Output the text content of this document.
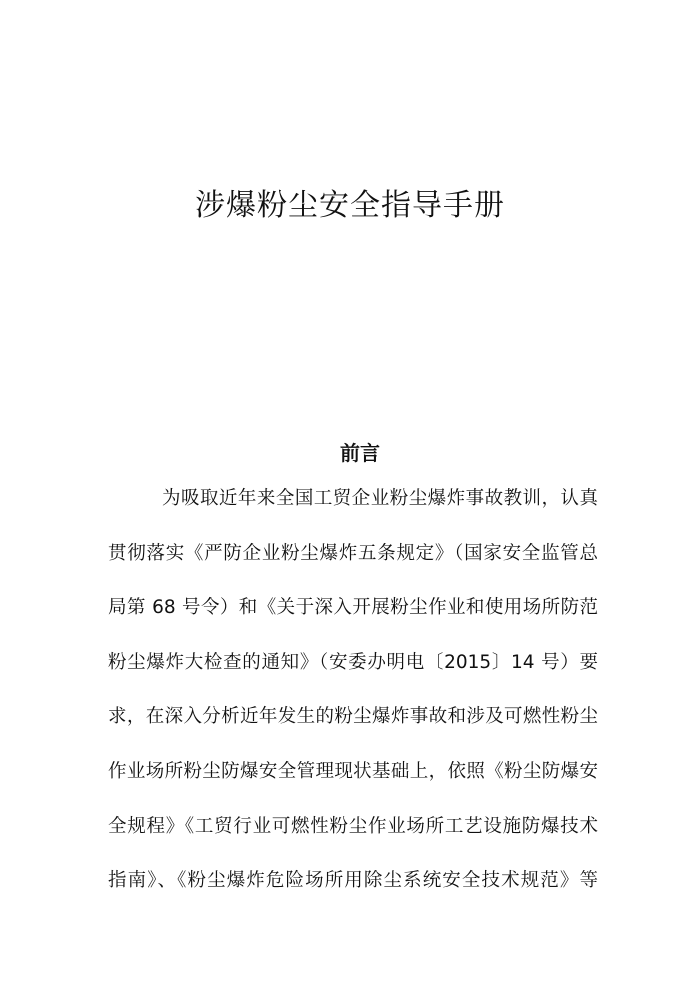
涉爆粉尘安全指导手册
前言
为吸取近年来全国工贸企业粉尘爆炸事故教训，认真
贯彻落实《严防企业粉尘爆炸五条规定》（国家安全监管总
局第 68 号令）和《关于深入开展粉尘作业和使用场所防范
粉尘爆炸大检查的通知》（安委办明电〔2015〕14 号）要
求，在深入分析近年发生的粉尘爆炸事故和涉及可燃性粉尘
作业场所粉尘防爆安全管理现状基础上，依照《粉尘防爆安
全规程》《工贸行业可燃性粉尘作业场所工艺设施防爆技术
指南》、《粉尘爆炸危险场所用除尘系统安全技术规范》等
